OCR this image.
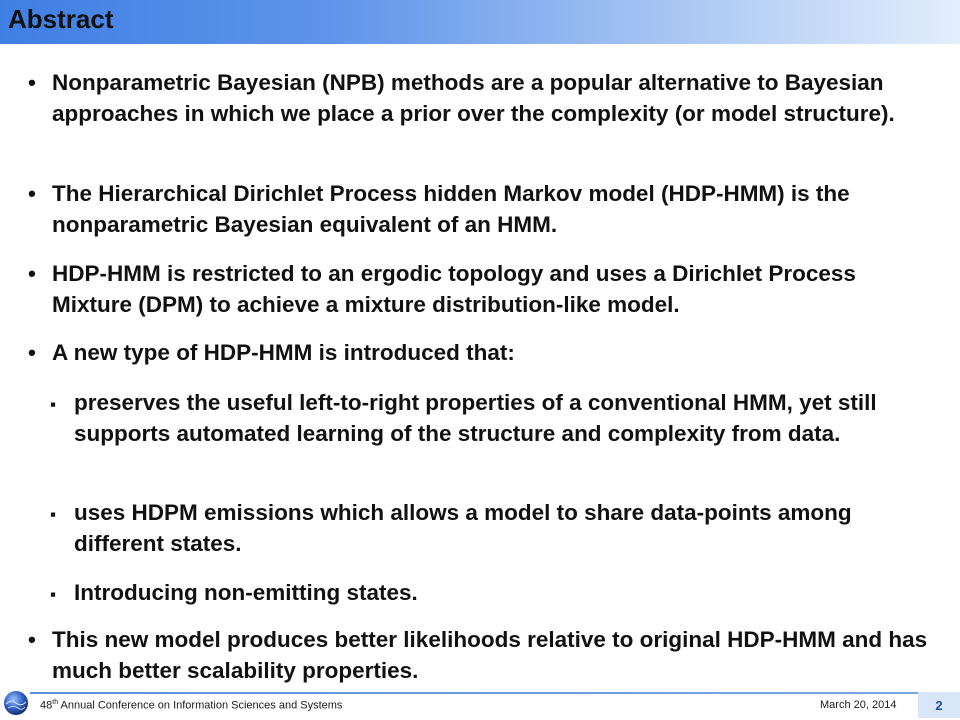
Abstract
• Nonparametric Bayesian (NPB) methods are a popular alternative to Bayesian approaches in which we place a prior over the complexity (or model structure).
• The Hierarchical Dirichlet Process hidden Markov model (HDP-HMM) is the nonparametric Bayesian equivalent of an HMM.
• HDP-HMM is restricted to an ergodic topology and uses a Dirichlet Process Mixture (DPM) to achieve a mixture distribution-like model.
• A new type of HDP-HMM is introduced that:
▪ preserves the useful left-to-right properties of a conventional HMM, yet still supports automated learning of the structure and complexity from data.
▪ uses HDPM emissions which allows a model to share data-points among different states.
▪ Introducing non-emitting states.
• This new model produces better likelihoods relative to original HDP-HMM and has much better scalability properties.
48th Annual Conference on Information Sciences and Systems	March 20, 2014	2
